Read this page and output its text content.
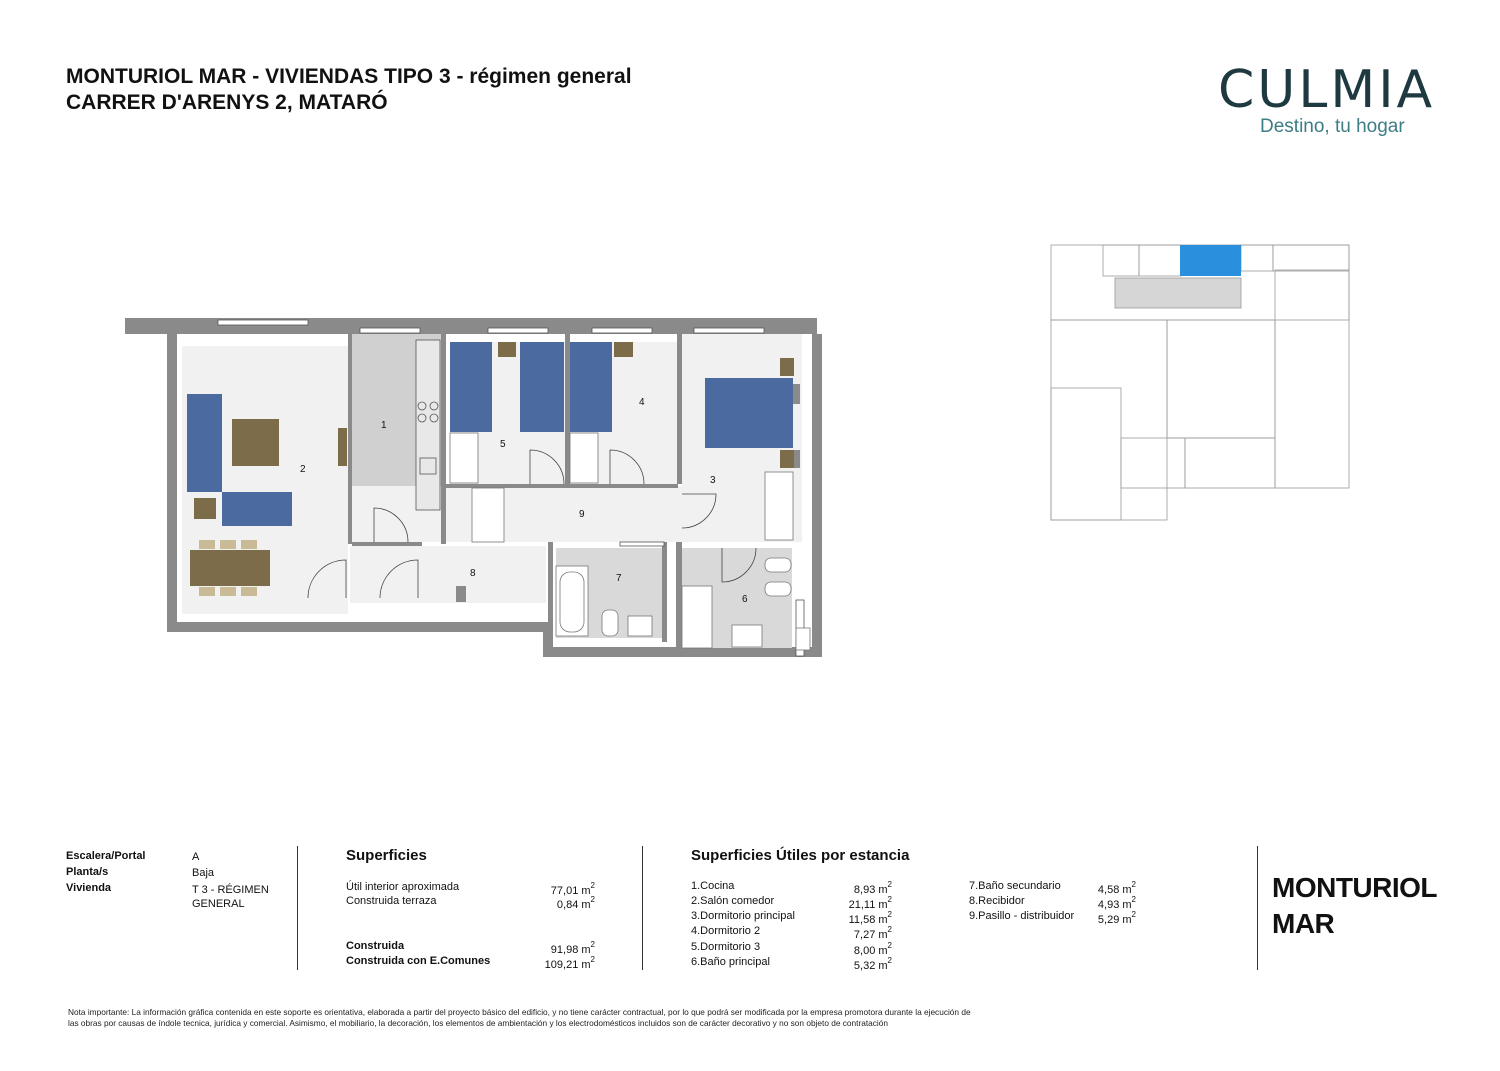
MONTURIOL MAR - VIVIENDAS TIPO 3 - régimen general
CARRER D'ARENYS 2, MATARÓ	CULMIA
Destino, tu hogar
1
2
3
4
5
6
7
8
9
Escalera/Portal	A
Planta/s	Baja
Vivienda	T 3 - RÉGIMEN
GENERAL
Superficies
Útil interior aproximada	77,01 $m^2$
Construida terraza	0,84 $m^2$
Construida	91,98 $m^2$
Construida con E.Comunes	109,21 $m^2$
Superficies Útiles por estancia
1.Cocina	8,93 $m^2$
2.Salón comedor	21,11 $m^2$
3.Dormitorio principal	11,58 $m^2$
4.Dormitorio 2	7,27 $m^2$
5.Dormitorio 3	8,00 $m^2$
6.Baño principal	5,32 $m^2$
7.Baño secundario	4,58 $m^2$
8.Recibidor	4,93 $m^2$
9.Pasillo - distribuidor	5,29 $m^2$
MONTURIOL
MAR
Nota importante: La información gráfica contenida en este soporte es orientativa, elaborada a partir del proyecto básico del edificio, y no tiene carácter contractual, por lo que podrá ser modificada por la empresa promotora durante la ejecución de
las obras por causas de índole tecnica, jurídica y comercial. Asimismo, el mobiliario, la decoración, los elementos de ambientación y los electrodomésticos incluidos son de carácter decorativo y no son objeto de contratación
